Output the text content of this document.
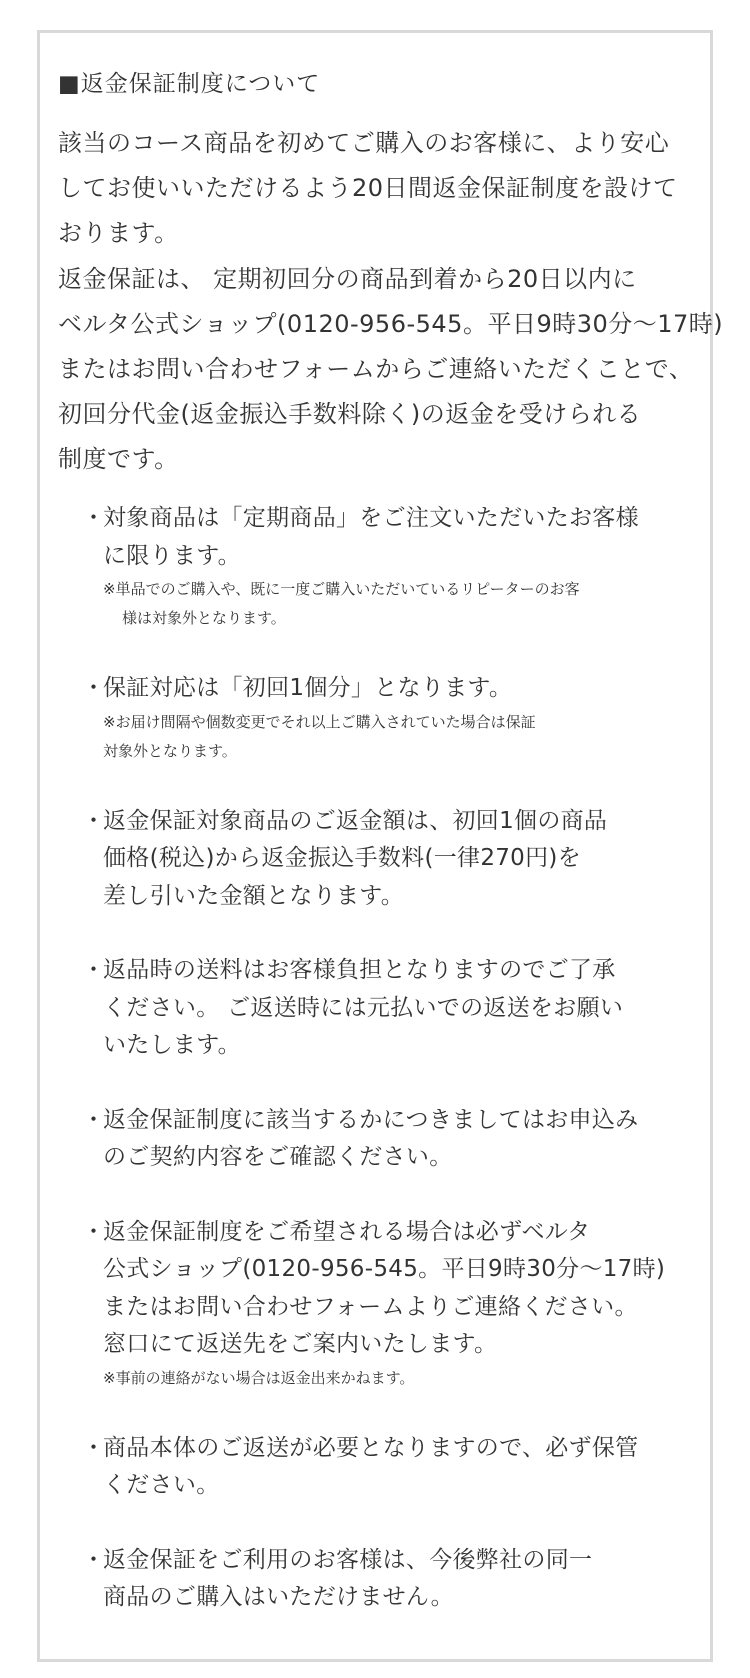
■返金保証制度について

該当のコース商品を初めてご購入のお客様に、より安心

してお使いいただけるよう20日間返金保証制度を設けて

おります。

返金保証は、 定期初回分の商品到着から20日以内に

ベルタ公式ショップ(0120-956-545。平日9時30分〜17時)

またはお問い合わせフォームからご連絡いただくことで、

初回分代金(返金振込手数料除く)の返金を受けられる

制度です。

・
対象商品は「定期商品」をご注文いただいたお客様
に限ります。
※単品でのご購入や、既に一度ご購入いただいているリピーターのお客
様は対象外となります。
・
保証対応は「初回1個分」となります。
※お届け間隔や個数変更でそれ以上ご購入されていた場合は保証
対象外となります。
・
返金保証対象商品のご返金額は、初回1個の商品
価格(税込)から返金振込手数料(一律270円)を
差し引いた金額となります。
・
返品時の送料はお客様負担となりますのでご了承
ください。 ご返送時には元払いでの返送をお願い
いたします。
・
返金保証制度に該当するかにつきましてはお申込み
のご契約内容をご確認ください。
・
返金保証制度をご希望される場合は必ずベルタ
公式ショップ(0120-956-545。平日9時30分〜17時)
またはお問い合わせフォームよりご連絡ください。
窓口にて返送先をご案内いたします。
※事前の連絡がない場合は返金出来かねます。
・
商品本体のご返送が必要となりますので、必ず保管
ください。
・
返金保証をご利用のお客様は、今後弊社の同一
商品のご購入はいただけません。
